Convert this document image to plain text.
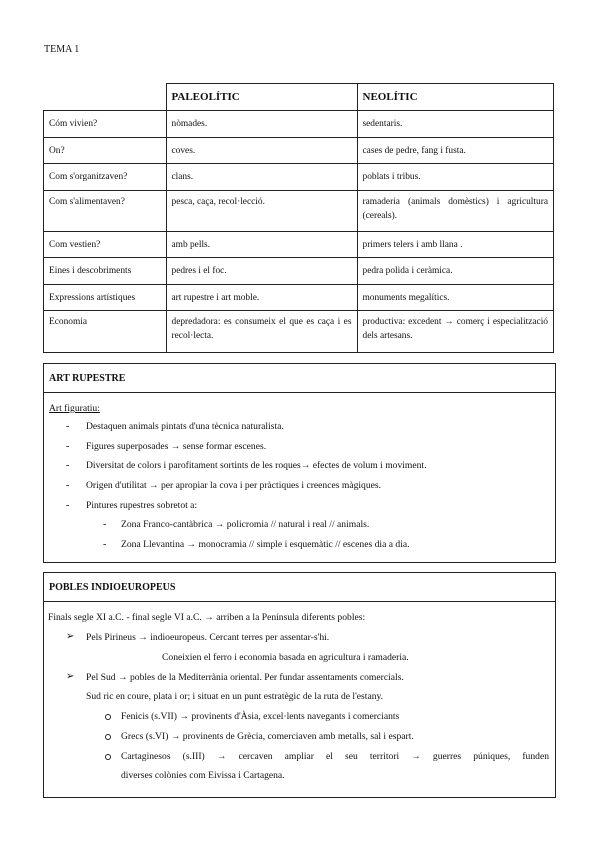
TEMA 1
	PALEOLÍTIC	NEOLÍTIC
Cóm vivien?	nòmades.	sedentaris.
On?	coves.	cases de pedre, fang i fusta.
Com s'organitzaven?	clans.	poblats i tribus.
Com s'alimentaven?	pesca, caça, recol·lecció.	ramaderia (animals domèstics) i agricultura (cereals).
Com vestien?	amb pells.	primers telers i amb llana .
Eines i descobriments	pedres i el foc.	pedra polida i ceràmica.
Expressions artístiques	art rupestre i art moble.	monuments megalítics.
Economia	depredadora: es consumeix el que es caça i es recol·lecta.	productiva: excedent → comerç i especialització dels artesans.
ART RUPESTRE
Art figuratiu:
- Destaquen animals pintats d'una tècnica naturalista.
- Figures superposades → sense formar escenes.
- Diversitat de colors i parofitament sortints de les roques→ efectes de volum i moviment.
- Origen d'utilitat → per apropiar la cova i per pràctiques i creences màgiques.
- Pintures rupestres sobretot a:
- Zona Franco-cantàbrica → policromia // natural i real // animals.
- Zona Llevantina → monocramia // simple i esquemàtic // escenes dia a dia.
POBLES INDIOEUROPEUS
Finals segle XI a.C. - final segle VI a.C. → arriben a la Península diferents pobles:
➢ Pels Pirineus → indioeuropeus. Cercant terres per assentar-s'hi.
Coneixien el ferro i economia basada en agricultura i ramaderia.
➢ Pel Sud → pobles de la Mediterrània oriental. Per fundar assentaments comercials.
Sud ric en coure, plata i or; i situat en un punt estratègic de la ruta de l'estany.
Fenicis (s.VII) → provinents d'Àsia, excel·lents navegants i comerciants
Grecs (s.VI) → provinents de Grècia, comerciaven amb metalls, sal i espart.
Cartaginesos (s.III) → cercaven ampliar el seu territori → guerres púniques, funden
diverses colònies com Eivissa i Cartagena.
